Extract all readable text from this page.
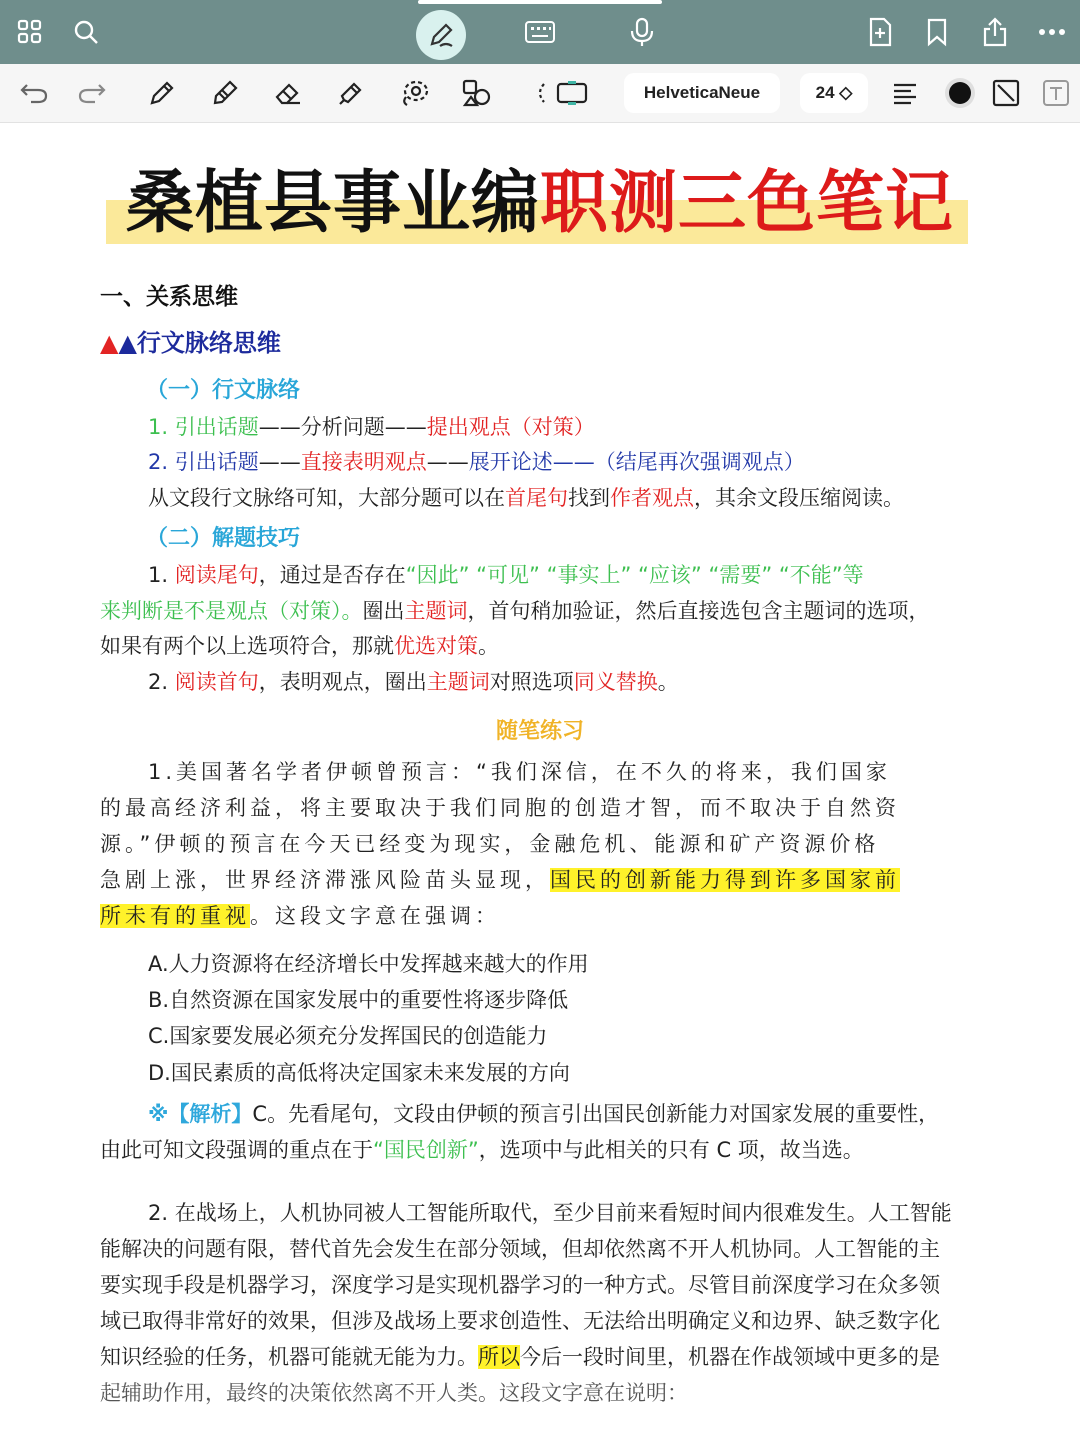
HelveticaNeue	24 ◇
桑植县事业编职测三色笔记
一、关系思维
▲▲行文脉络思维
（一）行文脉络
1. 引出话题——分析问题——提出观点（对策）
2. 引出话题——直接表明观点——展开论述——（结尾再次强调观点）
从文段行文脉络可知，大部分题可以在首尾句找到作者观点，其余文段压缩阅读。
（二）解题技巧
1. 阅读尾句，通过是否存在“因此” “可见” “事实上” “应该” “需要” “不能”等
来判断是不是观点（对策）。圈出主题词，首句稍加验证，然后直接选包含主题词的选项，
如果有两个以上选项符合，那就优选对策。
2. 阅读首句，表明观点，圈出主题词对照选项同义替换。
随笔练习
1.美国著名学者伊顿曾预言：“我们深信，在不久的将来，我们国家
的最高经济利益，将主要取决于我们同胞的创造才智，而不取决于自然资
源。”伊顿的预言在今天已经变为现实，金融危机、能源和矿产资源价格
急剧上涨，世界经济滞涨风险苗头显现，国民的创新能力得到许多国家前
所未有的重视。这段文字意在强调：
A.人力资源将在经济增长中发挥越来越大的作用
B.自然资源在国家发展中的重要性将逐步降低
C.国家要发展必须充分发挥国民的创造能力
D.国民素质的高低将决定国家未来发展的方向
※【解析】C。先看尾句，文段由伊顿的预言引出国民创新能力对国家发展的重要性，
由此可知文段强调的重点在于“国民创新”，选项中与此相关的只有 C 项，故当选。
2. 在战场上，人机协同被人工智能所取代，至少目前来看短时间内很难发生。人工智能
能解决的问题有限，替代首先会发生在部分领域，但却依然离不开人机协同。人工智能的主
要实现手段是机器学习，深度学习是实现机器学习的一种方式。尽管目前深度学习在众多领
域已取得非常好的效果，但涉及战场上要求创造性、无法给出明确定义和边界、缺乏数字化
知识经验的任务，机器可能就无能为力。所以今后一段时间里，机器在作战领域中更多的是
起辅助作用，最终的决策依然离不开人类。这段文字意在说明：
